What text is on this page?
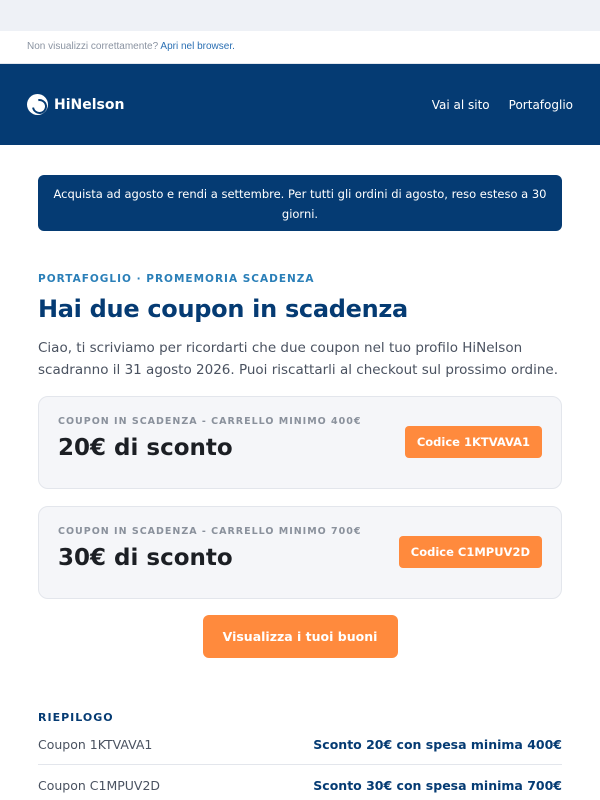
Non visualizzi correttamente? Apri nel browser.
HiNelson	Vai al sito Portafoglio
Acquista ad agosto e rendi a settembre. Per tutti gli ordini di agosto, reso esteso a 30 giorni.
PORTAFOGLIO · PROMEMORIA SCADENZA
Hai due coupon in scadenza

Ciao, ti scriviamo per ricordarti che due coupon nel tuo profilo HiNelson scadranno il 31 agosto 2026. Puoi riscattarli al checkout sul prossimo ordine.

COUPON IN SCADENZA - CARRELLO MINIMO 400€
20€ di sconto	Codice 1KTVAVA1
COUPON IN SCADENZA - CARRELLO MINIMO 700€
30€ di sconto	Codice C1MPUV2D
Visualizza i tuoi buoni
RIEPILOGO
Coupon 1KTVAVA1	Sconto 20€ con spesa minima 400€
Coupon C1MPUV2D	Sconto 30€ con spesa minima 700€
